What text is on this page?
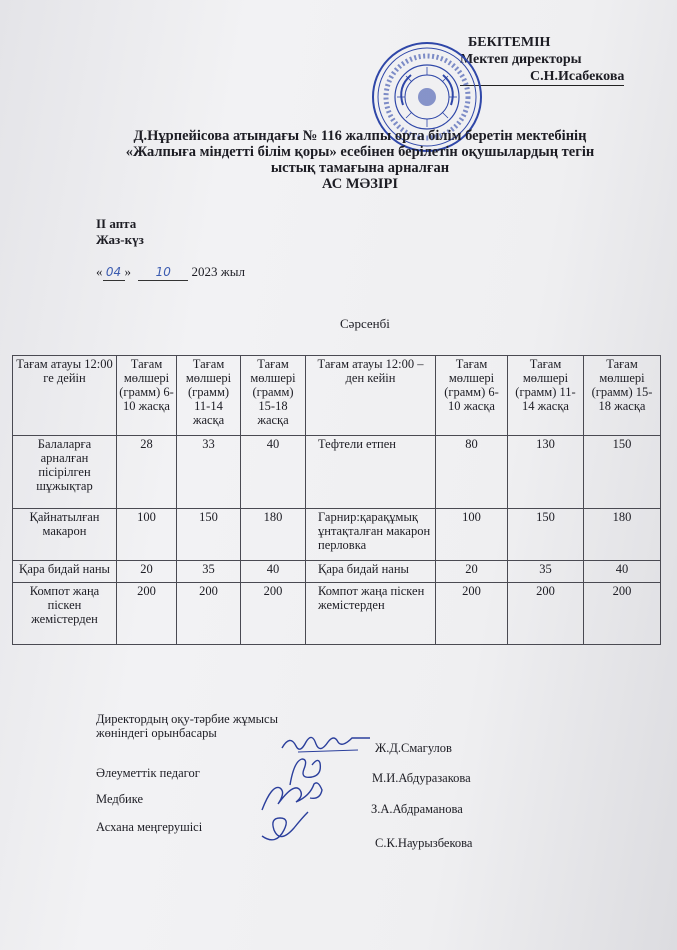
БЕКІТЕМІН
Мектеп директоры
С.Н.Исабекова
Д.Нұрпейісова атындағы № 116 жалпы орта білім беретін мектебінің
«Жалпыға міндетті білім қоры» есебінен берілетін оқушылардың тегін
ыстық тамағына арналған
АС МӘЗІРІ
ІІ апта
Жаз-күз
« 04 » 10 2023 жыл
Сәрсенбі
Тағам атауы 12:00 ге дейін	Тағам мөлшері (грамм) 6-10 жасқа	Тағам мөлшері (грамм) 11-14 жасқа	Тағам мөлшері (грамм) 15-18 жасқа	Тағам атауы 12:00 – ден кейін	Тағам мөлшері (грамм) 6-10 жасқа	Тағам мөлшері (грамм) 11-14 жасқа	Тағам мөлшері (грамм) 15-18 жасқа
Балаларға арналған пісірілген шұжықтар	28	33	40	Тефтели етпен	80	130	150
Қайнатылған макарон	100	150	180	Гарнир:қарақұмық ұнтақталған макарон перловка	100	150	180
Қара бидай наны	20	35	40	Қара бидай наны	20	35	40
Компот жаңа піскен жемістерден	200	200	200	Компот жаңа піскен жемістерден	200	200	200
Директордың оқу-тәрбие жұмысы
жөніндегі орынбасары
Ж.Д.Смагулов
Әлеуметтік педагог	М.И.Абдуразакова
Медбике
З.А.Абдраманова
Асхана меңгерушісі
С.К.Наурызбекова
